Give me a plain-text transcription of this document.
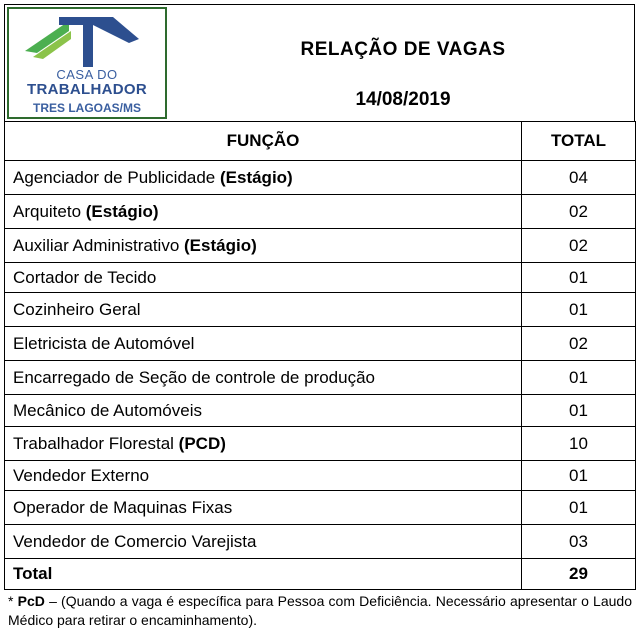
CASA DO
TRABALHADOR
TRES LAGOAS/MS
RELAÇÃO DE VAGAS
14/08/2019
FUNÇÃO	TOTAL
Agenciador de Publicidade (Estágio)	04
Arquiteto (Estágio)	02
Auxiliar Administrativo (Estágio)	02
Cortador de Tecido	01
Cozinheiro Geral	01
Eletricista de Automóvel	02
Encarregado de Seção de controle de produção	01
Mecânico de Automóveis	01
Trabalhador Florestal (PCD)	10
Vendedor Externo	01
Operador de Maquinas Fixas	01
Vendedor de Comercio Varejista	03
Total	29
* PcD – (Quando a vaga é específica para Pessoa com Deficiência. Necessário apresentar o Laudo Médico para retirar o encaminhamento).
